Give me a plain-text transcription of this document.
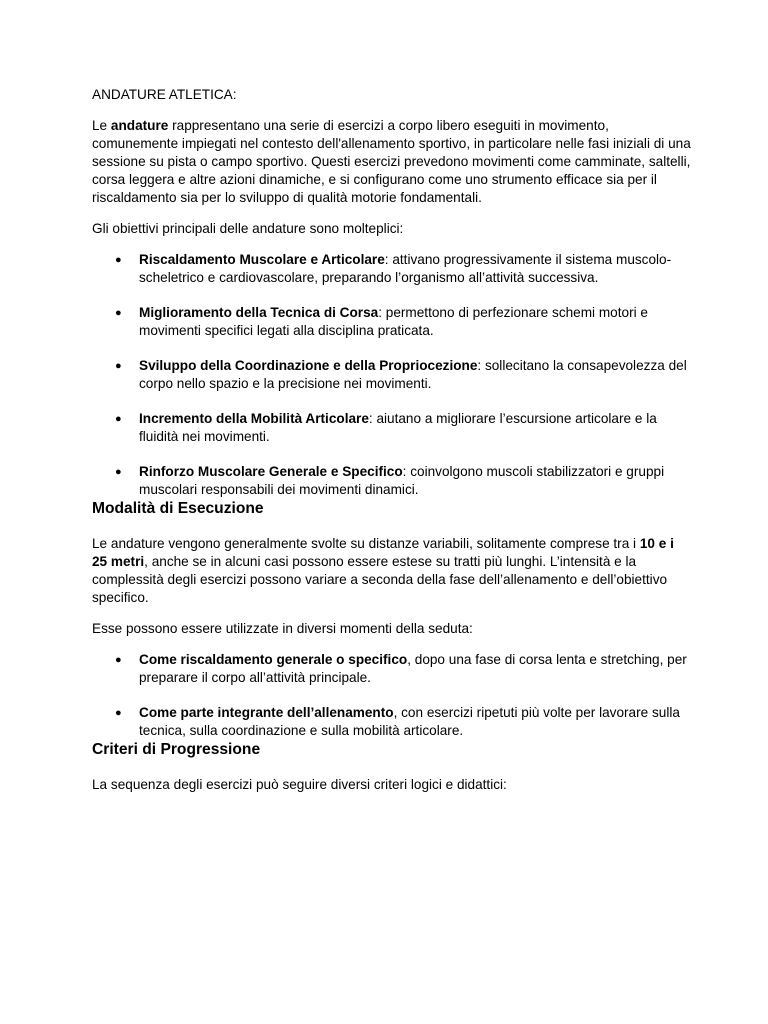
ANDATURE ATLETICA:

Le andature rappresentano una serie di esercizi a corpo libero eseguiti in movimento, comunemente impiegati nel contesto dell'allenamento sportivo, in particolare nelle fasi iniziali di una sessione su pista o campo sportivo. Questi esercizi prevedono movimenti come camminate, saltelli, corsa leggera e altre azioni dinamiche, e si configurano come uno strumento efficace sia per il riscaldamento sia per lo sviluppo di qualità motorie fondamentali.

Gli obiettivi principali delle andature sono molteplici:

● Riscaldamento Muscolare e Articolare: attivano progressivamente il sistema muscolo-scheletrico e cardiovascolare, preparando l’organismo all’attività successiva.
● Miglioramento della Tecnica di Corsa: permettono di perfezionare schemi motori e movimenti specifici legati alla disciplina praticata.
● Sviluppo della Coordinazione e della Propriocezione: sollecitano la consapevolezza del corpo nello spazio e la precisione nei movimenti.
● Incremento della Mobilità Articolare: aiutano a migliorare l’escursione articolare e la fluidità nei movimenti.
● Rinforzo Muscolare Generale e Specifico: coinvolgono muscoli stabilizzatori e gruppi muscolari responsabili dei movimenti dinamici.
Modalità di Esecuzione

Le andature vengono generalmente svolte su distanze variabili, solitamente comprese tra i 10 e i 25 metri, anche se in alcuni casi possono essere estese su tratti più lunghi. L’intensità e la complessità degli esercizi possono variare a seconda della fase dell’allenamento e dell’obiettivo specifico.

Esse possono essere utilizzate in diversi momenti della seduta:

● Come riscaldamento generale o specifico, dopo una fase di corsa lenta e stretching, per preparare il corpo all’attività principale.
● Come parte integrante dell’allenamento, con esercizi ripetuti più volte per lavorare sulla tecnica, sulla coordinazione e sulla mobilità articolare.
Criteri di Progressione

La sequenza degli esercizi può seguire diversi criteri logici e didattici:
